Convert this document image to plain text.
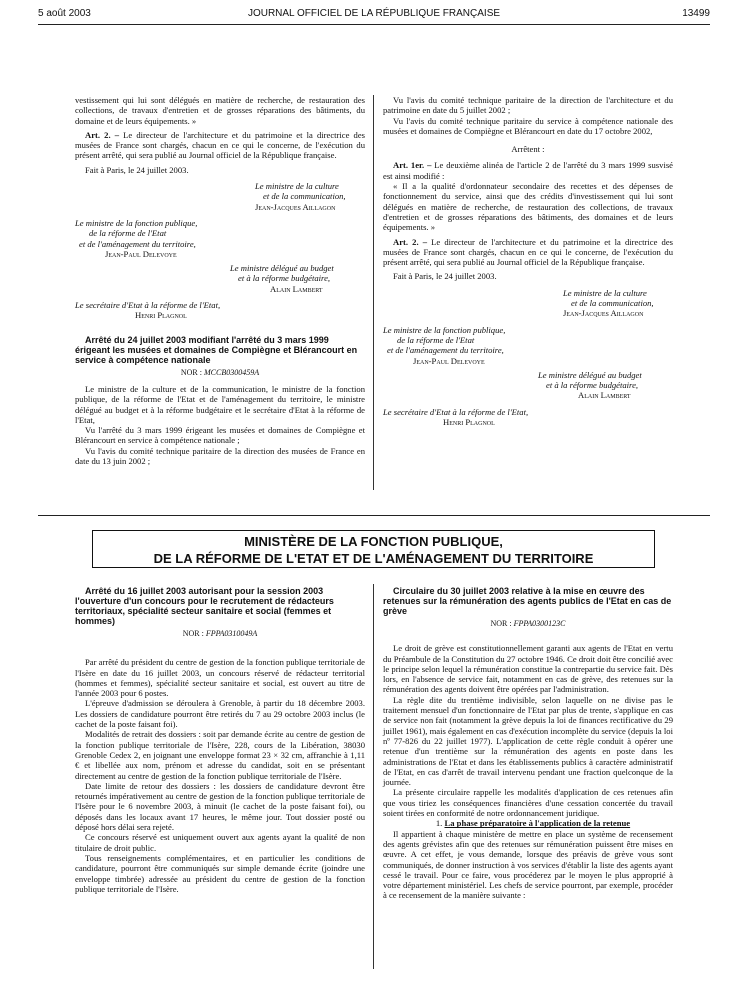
5 août 2003	JOURNAL OFFICIEL DE LA RÉPUBLIQUE FRANÇAISE	13499

vestissement qui lui sont délégués en matière de recherche, de restauration des collections, de travaux d'entretien et de grosses réparations des bâtiments, du domaine et de leurs équipements. »

Art. 2. – Le directeur de l'architecture et du patrimoine et la directrice des musées de France sont chargés, chacun en ce qui le concerne, de l'exécution du présent arrêté, qui sera publié au Journal officiel de la République française.

Fait à Paris, le 24 juillet 2003.

Le ministre de la culture
et de la communication,
Jean-Jacques Aillagon
Le ministre de la fonction publique,
de la réforme de l'Etat
et de l'aménagement du territoire,
Jean-Paul Delevoye
Le ministre délégué au budget
et à la réforme budgétaire,
Alain Lambert
Le secrétaire d'Etat à la réforme de l'Etat,
Henri Plagnol

Arrêté du 24 juillet 2003 modifiant l'arrêté du 3 mars 1999 érigeant les musées et domaines de Compiègne et Blérancourt en service à compétence nationale

NOR : MCCB0300459A

Le ministre de la culture et de la communication, le ministre de la fonction publique, de la réforme de l'Etat et de l'aménagement du territoire, le ministre délégué au budget et à la réforme budgétaire et le secrétaire d'Etat à la réforme de l'Etat,

Vu l'arrêté du 3 mars 1999 érigeant les musées et domaines de Compiègne et Blérancourt en service à compétence nationale ;

Vu l'avis du comité technique paritaire de la direction des musées de France en date du 13 juin 2002 ;

Vu l'avis du comité technique paritaire de la direction de l'architecture et du patrimoine en date du 5 juillet 2002 ;

Vu l'avis du comité technique paritaire du service à compétence nationale des musées et domaines de Compiègne et Blérancourt en date du 17 octobre 2002,

Arrêtent :

Art. 1er. – Le deuxième alinéa de l'article 2 de l'arrêté du 3 mars 1999 susvisé est ainsi modifié :

« Il a la qualité d'ordonnateur secondaire des recettes et des dépenses de fonctionnement du service, ainsi que des crédits d'investissement qui lui sont délégués en matière de recherche, de restauration des collections, de travaux d'entretien et de grosses réparations des bâtiments, des domaines et de leurs équipements. »

Art. 2. – Le directeur de l'architecture et du patrimoine et la directrice des musées de France sont chargés, chacun en ce qui le concerne, de l'exécution du présent arrêté, qui sera publié au Journal officiel de la République française.

Fait à Paris, le 24 juillet 2003.

Le ministre de la culture
et de la communication,
Jean-Jacques Aillagon
Le ministre de la fonction publique,
de la réforme de l'Etat
et de l'aménagement du territoire,
Jean-Paul Delevoye
Le ministre délégué au budget
et à la réforme budgétaire,
Alain Lambert
Le secrétaire d'Etat à la réforme de l'Etat,
Henri Plagnol
MINISTÈRE DE LA FONCTION PUBLIQUE,
DE LA RÉFORME DE L'ETAT ET DE L'AMÉNAGEMENT DU TERRITOIRE

Arrêté du 16 juillet 2003 autorisant pour la session 2003 l'ouverture d'un concours pour le recrutement de rédacteurs territoriaux, spécialité secteur sanitaire et social (femmes et hommes)

NOR : FPPA0310049A

Par arrêté du président du centre de gestion de la fonction publique territoriale de l'Isère en date du 16 juillet 2003, un concours réservé de rédacteur territorial (hommes et femmes), spécialité secteur sanitaire et social, est ouvert au titre de l'année 2003 pour 6 postes.

L'épreuve d'admission se déroulera à Grenoble, à partir du 18 décembre 2003. Les dossiers de candidature pourront être retirés du 7 au 29 octobre 2003 inclus (le cachet de la poste faisant foi).

Modalités de retrait des dossiers : soit par demande écrite au centre de gestion de la fonction publique territoriale de l'Isère, 228, cours de la Libération, 38030 Grenoble Cedex 2, en joignant une enveloppe format 23 × 32 cm, affranchie à 1,11 € et libellée aux nom, prénom et adresse du candidat, soit en se présentant directement au centre de gestion de la fonction publique territoriale de l'Isère.

Date limite de retour des dossiers : les dossiers de candidature devront être retournés impérativement au centre de gestion de la fonction publique territoriale de l'Isère pour le 6 novembre 2003, à minuit (le cachet de la poste faisant foi), ou déposés dans les locaux avant 17 heures, le même jour. Tout dossier posté ou déposé hors délai sera rejeté.

Ce concours réservé est uniquement ouvert aux agents ayant la qualité de non titulaire de droit public.

Tous renseignements complémentaires, et en particulier les conditions de candidature, pourront être communiqués sur simple demande écrite (joindre une enveloppe timbrée) adressée au président du centre de gestion de la fonction publique territoriale de l'Isère.

Circulaire du 30 juillet 2003 relative à la mise en œuvre des retenues sur la rémunération des agents publics de l'Etat en cas de grève

NOR : FPPA0300123C

Le droit de grève est constitutionnellement garanti aux agents de l'Etat en vertu du Préambule de la Constitution du 27 octobre 1946. Ce droit doit être concilié avec le principe selon lequel la rémunération constitue la contrepartie du service fait. Dès lors, en l'absence de service fait, notamment en cas de grève, des retenues sur la rémunération des agents doivent être opérées par l'administration.

La règle dite du trentième indivisible, selon laquelle on ne divise pas le traitement mensuel d'un fonctionnaire de l'Etat par plus de trente, s'applique en cas de service non fait (notamment la grève depuis la loi de finances rectificative du 29 juillet 1961), mais également en cas d'exécution incomplète du service (depuis la loi nº 77-826 du 22 juillet 1977). L'application de cette règle conduit à opérer une retenue d'un trentième sur la rémunération des agents en poste dans les administrations de l'Etat et dans les établissements publics à caractère administratif de l'Etat, en cas d'arrêt de travail intervenu pendant une fraction quelconque de la journée.

La présente circulaire rappelle les modalités d'application de ces retenues afin que vous tiriez les conséquences financières d'une cessation concertée du travail soient tirées en conformité de notre ordonnancement juridique.

1. La phase préparatoire à l'application de la retenue

Il appartient à chaque ministère de mettre en place un système de recensement des agents grévistes afin que des retenues sur rémunération puissent être mises en œuvre. A cet effet, je vous demande, lorsque des préavis de grève vous sont communiqués, de donner instruction à vos services d'établir la liste des agents ayant cessé le travail. Pour ce faire, vous procéderez par le moyen le plus approprié à votre département ministériel. Les chefs de service pourront, par exemple, procéder à ce recensement de la manière suivante :
